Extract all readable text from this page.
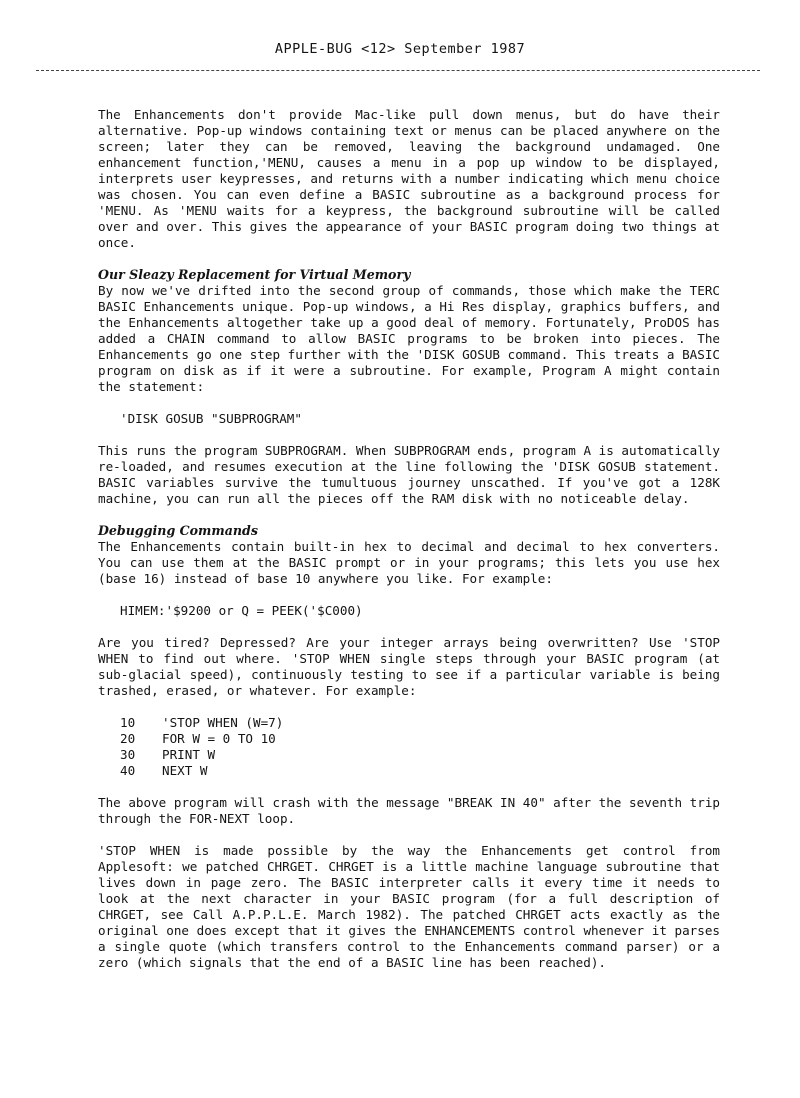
APPLE-BUG <12> September 1987

The Enhancements don't provide Mac-like pull down menus, but do have their alternative. Pop-up windows containing text or menus can be placed anywhere on the screen; later they can be removed, leaving the background undamaged. One enhancement function,'MENU, causes a menu in a pop up window to be displayed, interprets user keypresses, and returns with a number indicating which menu choice was chosen. You can even define a BASIC subroutine as a background process for 'MENU. As 'MENU waits for a keypress, the background subroutine will be called over and over. This gives the appearance of your BASIC program doing two things at once.

Our Sleazy Replacement for Virtual Memory

By now we've drifted into the second group of commands, those which make the TERC BASIC Enhancements unique. Pop-up windows, a Hi Res display, graphics buffers, and the Enhancements altogether take up a good deal of memory. Fortunately, ProDOS has added a CHAIN command to allow BASIC programs to be broken into pieces. The Enhancements go one step further with the 'DISK GOSUB command. This treats a BASIC program on disk as if it were a subroutine. For example, Program A might contain the statement:

'DISK GOSUB "SUBPROGRAM"

This runs the program SUBPROGRAM. When SUBPROGRAM ends, program A is automatically re-loaded, and resumes execution at the line following the 'DISK GOSUB statement. BASIC variables survive the tumultuous journey unscathed. If you've got a 128K machine, you can run all the pieces off the RAM disk with no noticeable delay.

Debugging Commands

The Enhancements contain built-in hex to decimal and decimal to hex converters. You can use them at the BASIC prompt or in your programs; this lets you use hex (base 16) instead of base 10 anywhere you like. For example:

HIMEM:'$9200 or Q = PEEK('$C000)

Are you tired? Depressed? Are your integer arrays being overwritten? Use 'STOP WHEN to find out where. 'STOP WHEN single steps through your BASIC program (at sub-glacial speed), continuously testing to see if a particular variable is being trashed, erased, or whatever. For example:

10	'STOP WHEN (W=7)
20	FOR W = 0 TO 10
30	PRINT W
40	NEXT W

The above program will crash with the message "BREAK IN 40" after the seventh trip through the FOR-NEXT loop.

'STOP WHEN is made possible by the way the Enhancements get control from Applesoft: we patched CHRGET. CHRGET is a little machine language subroutine that lives down in page zero. The BASIC interpreter calls it every time it needs to look at the next character in your BASIC program (for a full description of CHRGET, see Call A.P.P.L.E. March 1982). The patched CHRGET acts exactly as the original one does except that it gives the ENHANCEMENTS control whenever it parses a single quote (which transfers control to the Enhancements command parser) or a zero (which signals that the end of a BASIC line has been reached).
